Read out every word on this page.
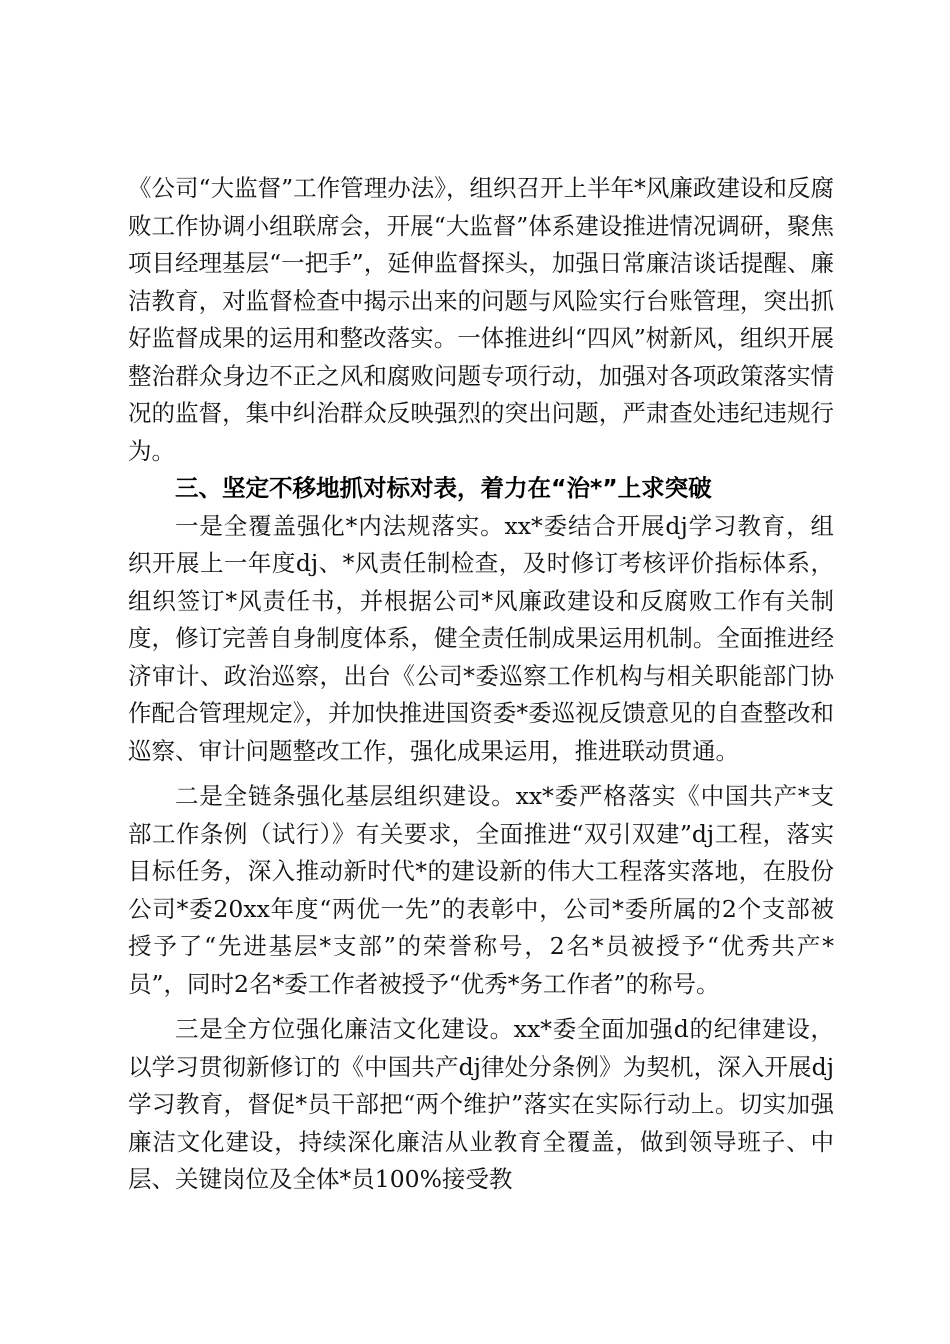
《公司“大监督”工作管理办法》，组织召开上半年*风廉政建设和反腐败工作协调小组联席会，开展“大监督”体系建设推进情况调研，聚焦项目经理基层“一把手”，延伸监督探头，加强日常廉洁谈话提醒、廉洁教育，对监督检查中揭示出来的问题与风险实行台账管理，突出抓好监督成果的运用和整改落实。一体推进纠“四风”树新风，组织开展整治群众身边不正之风和腐败问题专项行动，加强对各项政策落实情况的监督，集中纠治群众反映强烈的突出问题，严肃查处违纪违规行为。

三、坚定不移地抓对标对表，着力在“治*”上求突破

一是全覆盖强化*内法规落实。xx*委结合开展dj学习教育，组织开展上一年度dj、*风责任制检查，及时修订考核评价指标体系，组织签订*风责任书，并根据公司*风廉政建设和反腐败工作有关制度，修订完善自身制度体系，健全责任制成果运用机制。全面推进经济审计、政治巡察，出台《公司*委巡察工作机构与相关职能部门协作配合管理规定》，并加快推进国资委*委巡视反馈意见的自查整改和巡察、审计问题整改工作，强化成果运用，推进联动贯通。

二是全链条强化基层组织建设。xx*委严格落实《中国共产*支部工作条例（试行）》有关要求，全面推进“双引双建”dj工程，落实目标任务，深入推动新时代*的建设新的伟大工程落实落地，在股份公司*委20xx年度“两优一先”的表彰中，公司*委所属的2个支部被授予了“先进基层*支部”的荣誉称号，2名*员被授予“优秀共产*员”，同时2名*委工作者被授予“优秀*务工作者”的称号。

三是全方位强化廉洁文化建设。xx*委全面加强d的纪律建设，以学习贯彻新修订的《中国共产dj律处分条例》为契机，深入开展dj学习教育，督促*员干部把“两个维护”落实在实际行动上。切实加强廉洁文化建设，持续深化廉洁从业教育全覆盖，做到领导班子、中层、关键岗位及全体*员100%接受教
